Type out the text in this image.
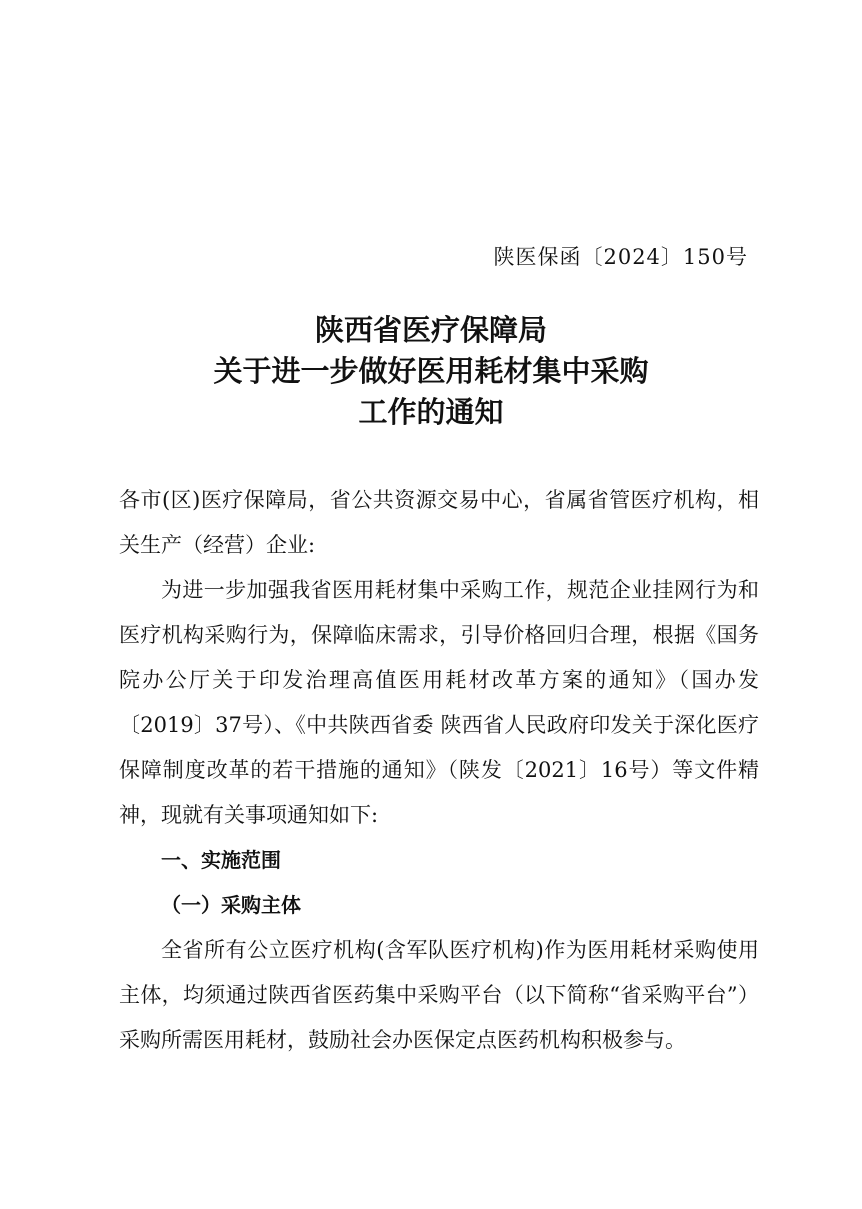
陕医保函〔2024〕150号
陕西省医疗保障局
关于进一步做好医用耗材集中采购
工作的通知

各市(区)医疗保障局，省公共资源交易中心，省属省管医疗机构，相关生产（经营）企业:

为进一步加强我省医用耗材集中采购工作，规范企业挂网行为和医疗机构采购行为，保障临床需求，引导价格回归合理，根据《国务院办公厅关于印发治理高值医用耗材改革方案的通知》（国办发〔2019〕37号）、《中共陕西省委 陕西省人民政府印发关于深化医疗保障制度改革的若干措施的通知》（陕发〔2021〕16号）等文件精神，现就有关事项通知如下:

一、实施范围

（一）采购主体

全省所有公立医疗机构(含军队医疗机构)作为医用耗材采购使用主体，均须通过陕西省医药集中采购平台（以下简称“省采购平台”）采购所需医用耗材，鼓励社会办医保定点医药机构积极参与。
